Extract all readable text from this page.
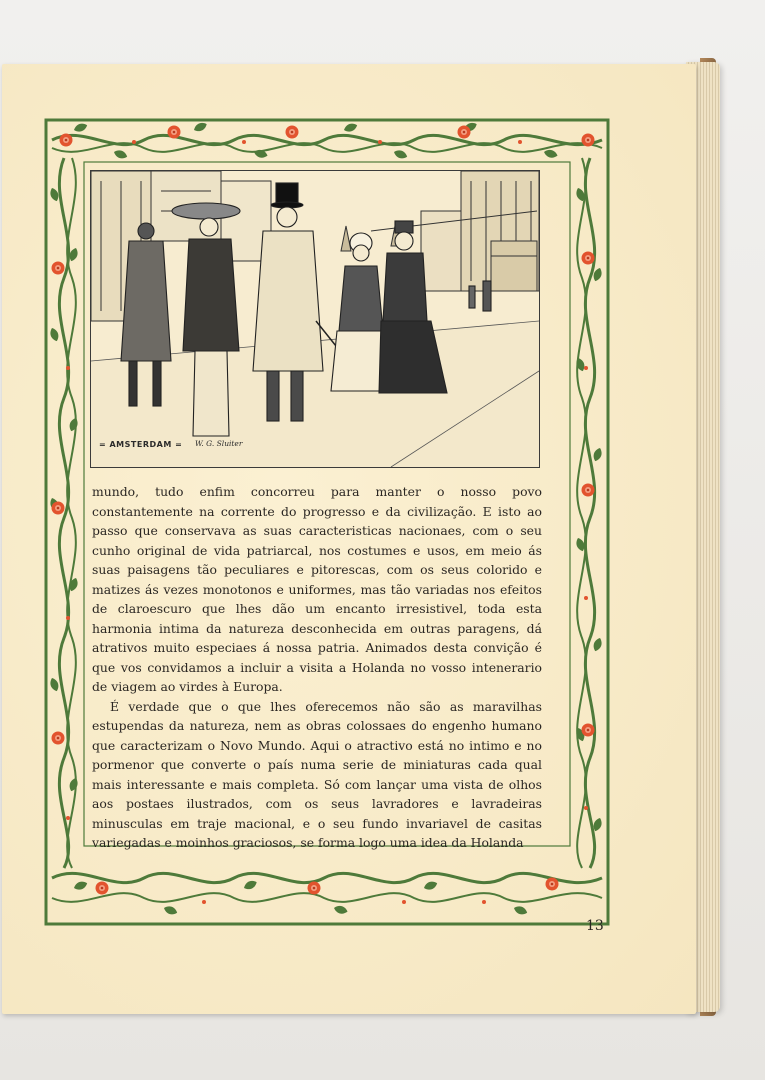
= AMSTERDAM = W. G. Sluiter

mundo, tudo enfim concorreu para manter o nosso povo constantemente na corrente do progresso e da civilização. E isto ao passo que conservava as suas caracteristicas nacionaes, com o seu cunho original de vida patriarcal, nos costumes e usos, em meio ás suas paisagens tão peculiares e pitorescas, com os seus colorido e matizes ás vezes monotonos e uniformes, mas tão variadas nos efeitos de claroescuro que lhes dão um encanto irresistivel, toda esta harmonia intima da natureza desconhecida em outras paragens, dá atrativos muito especiaes á nossa patria. Animados desta convição é que vos convidamos a incluir a visita a Holanda no vosso intenerario de viagem ao virdes à Europa.

É verdade que o que lhes oferecemos não são as maravilhas estupendas da natureza, nem as obras colossaes do engenho humano que caracterizam o Novo Mundo. Aqui o atractivo está no intimo e no pormenor que converte o país numa serie de miniaturas cada qual mais interessante e mais completa. Só com lançar uma vista de olhos aos postaes ilustrados, com os seus lavradores e lavradeiras minusculas em traje macional, e o seu fundo invariavel de casitas variegadas e moinhos graciosos, se forma logo uma idea da Holanda

13
